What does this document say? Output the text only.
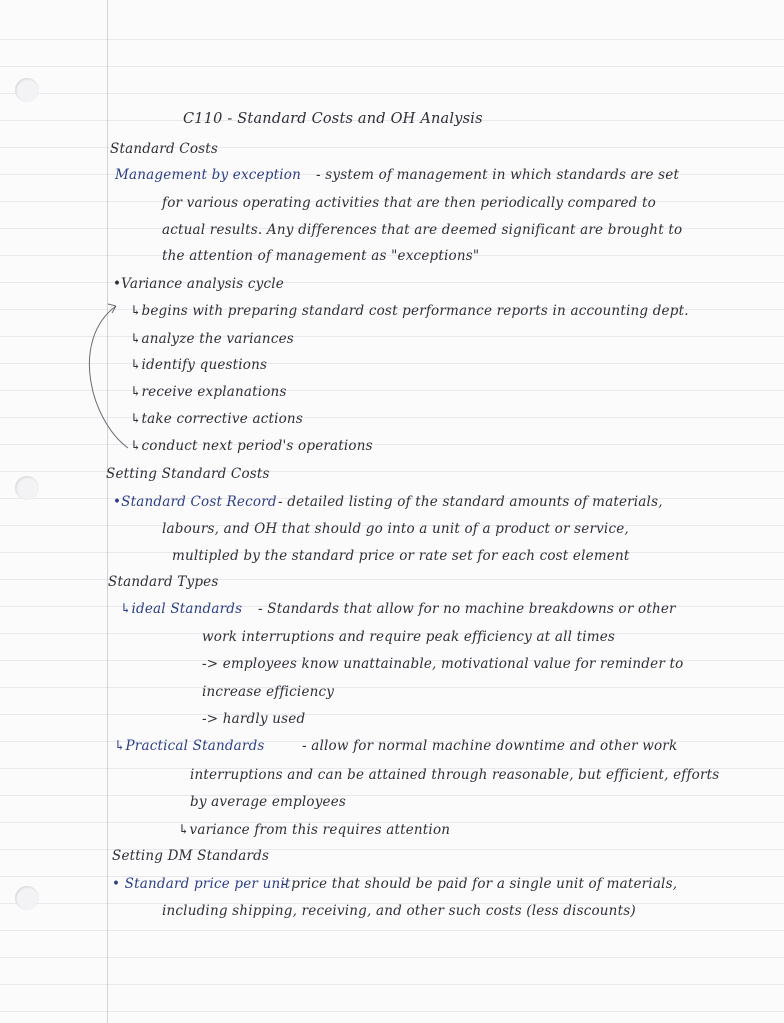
C110 - Standard Costs and OH Analysis
Standard Costs
Management by exception - system of management in which standards are set
for various operating activities that are then periodically compared to
actual results. Any differences that are deemed significant are brought to
the attention of management as "exceptions"
•Variance analysis cycle
↳begins with preparing standard cost performance reports in accounting dept.
↳analyze the variances
↳identify questions
↳receive explanations
↳take corrective actions
↳conduct next period's operations
Setting Standard Costs
•Standard Cost Record - detailed listing of the standard amounts of materials,
labours, and OH that should go into a unit of a product or service,
multipled by the standard price or rate set for each cost element
Standard Types
↳ideal Standards - Standards that allow for no machine breakdowns or other
work interruptions and require peak efficiency at all times
-> employees know unattainable, motivational value for reminder to
increase efficiency
-> hardly used
↳Practical Standards	- allow for normal machine downtime and other work
interruptions and can be attained through reasonable, but efficient, efforts
by average employees
↳variance from this requires attention
Setting DM Standards
• Standard price per unit
- price that should be paid for a single unit of materials,
including shipping, receiving, and other such costs (less discounts)
